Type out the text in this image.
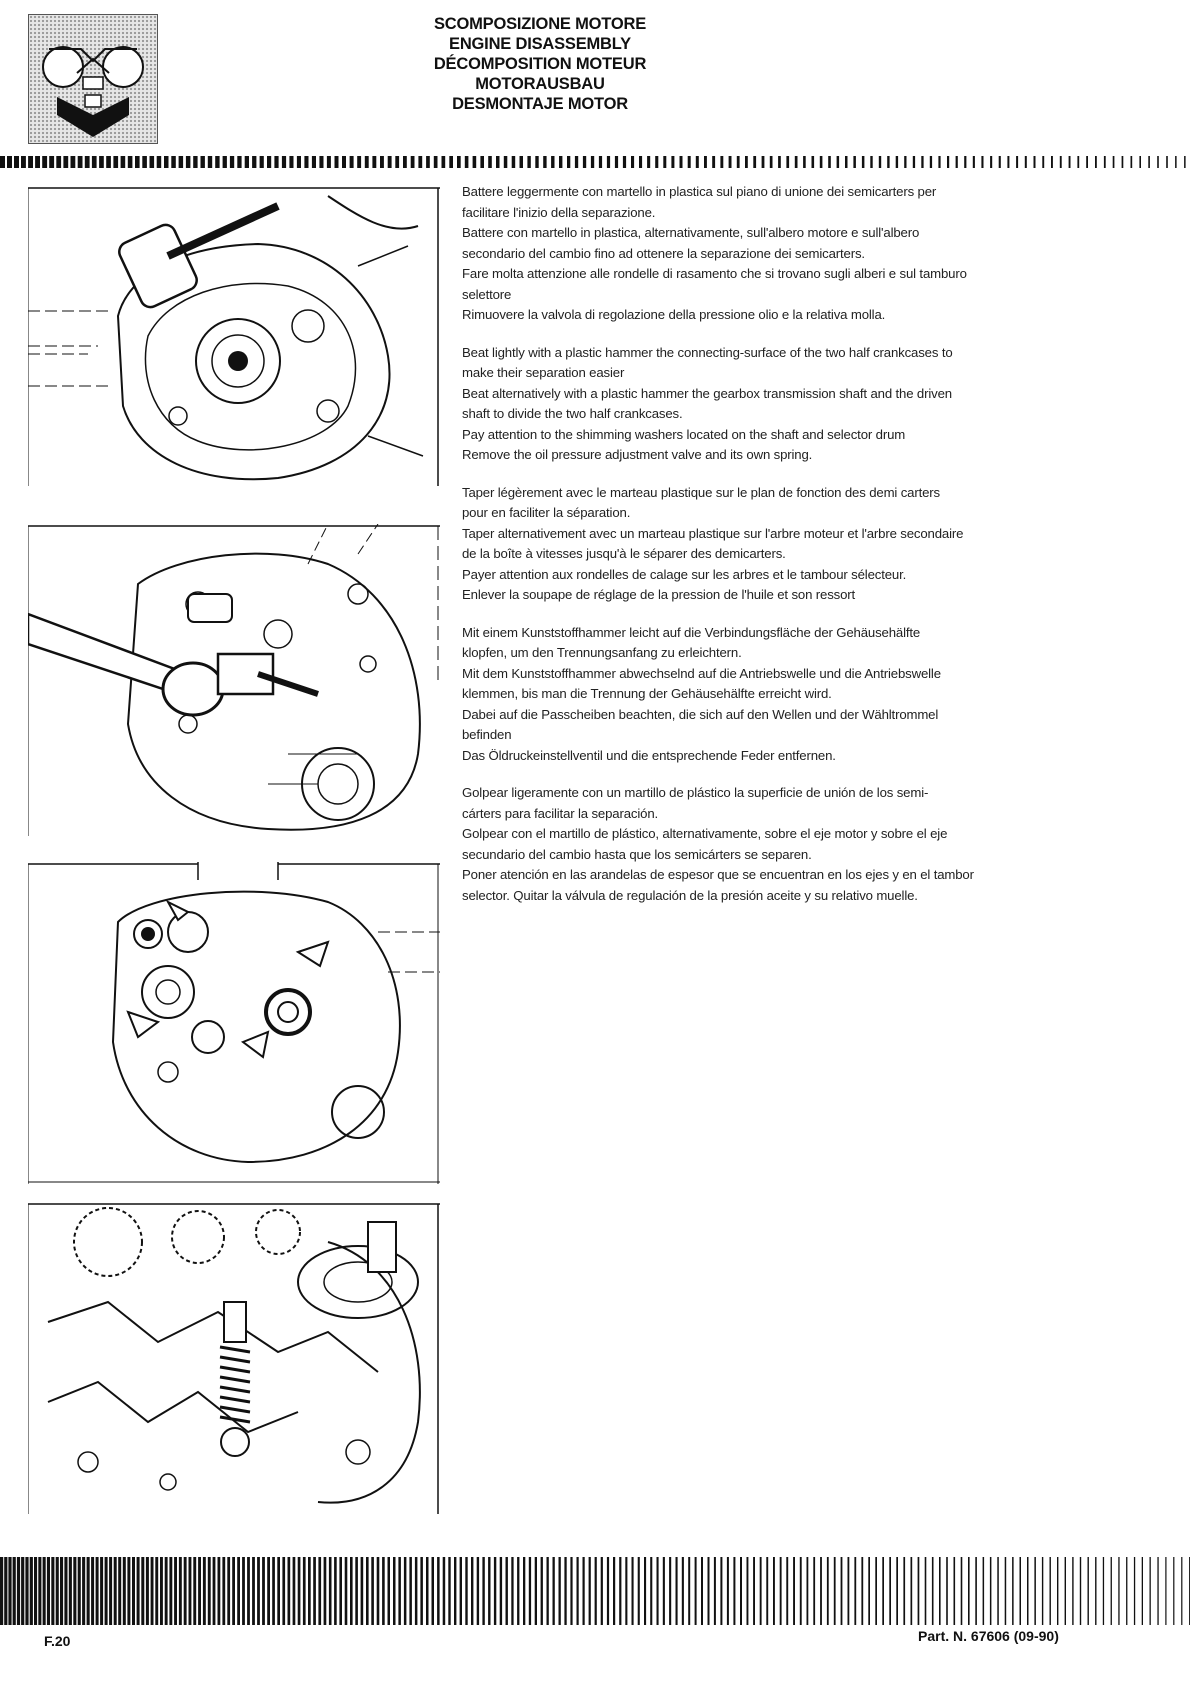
SCOMPOSIZIONE MOTORE
ENGINE DISASSEMBLY
DÉCOMPOSITION MOTEUR
MOTORAUSBAU
DESMONTAJE MOTOR
Battere leggermente con martello in plastica sul piano di unione dei semicarters per
facilitare l'inizio della separazione.
Battere con martello in plastica, alternativamente, sull'albero motore e sull'albero
secondario del cambio fino ad ottenere la separazione dei semicarters.
Fare molta attenzione alle rondelle di rasamento che si trovano sugli alberi e sul tamburo
selettore
Rimuovere la valvola di regolazione della pressione olio e la relativa molla.
Beat lightly with a plastic hammer the connecting-surface of the two half crankcases to
make their separation easier
Beat alternatively with a plastic hammer the gearbox transmission shaft and the driven
shaft to divide the two half crankcases.
Pay attention to the shimming washers located on the shaft and selector drum
Remove the oil pressure adjustment valve and its own spring.
Taper légèrement avec le marteau plastique sur le plan de fonction des demi carters
pour en faciliter la séparation.
Taper alternativement avec un marteau plastique sur l'arbre moteur et l'arbre secondaire
de la boîte à vitesses jusqu'à le séparer des demicarters.
Payer attention aux rondelles de calage sur les arbres et le tambour sélecteur.
Enlever la soupape de réglage de la pression de l'huile et son ressort
Mit einem Kunststoffhammer leicht auf die Verbindungsfläche der Gehäusehälfte
klopfen, um den Trennungsanfang zu erleichtern.
Mit dem Kunststoffhammer abwechselnd auf die Antriebswelle und die Antriebswelle
klemmen, bis man die Trennung der Gehäusehälfte erreicht wird.
Dabei auf die Passcheiben beachten, die sich auf den Wellen und der Wähltrommel
befinden
Das Öldruckeinstellventil und die entsprechende Feder entfernen.
Golpear ligeramente con un martillo de plástico la superficie de unión de los semi-
cárters para facilitar la separación.
Golpear con el martillo de plástico, alternativamente, sobre el eje motor y sobre el eje
secundario del cambio hasta que los semicárters se separen.
Poner atención en las arandelas de espesor que se encuentran en los ejes y en el tambor
selector. Quitar la válvula de regulación de la presión aceite y su relativo muelle.
F.20	Part. N. 67606 (09-90)
